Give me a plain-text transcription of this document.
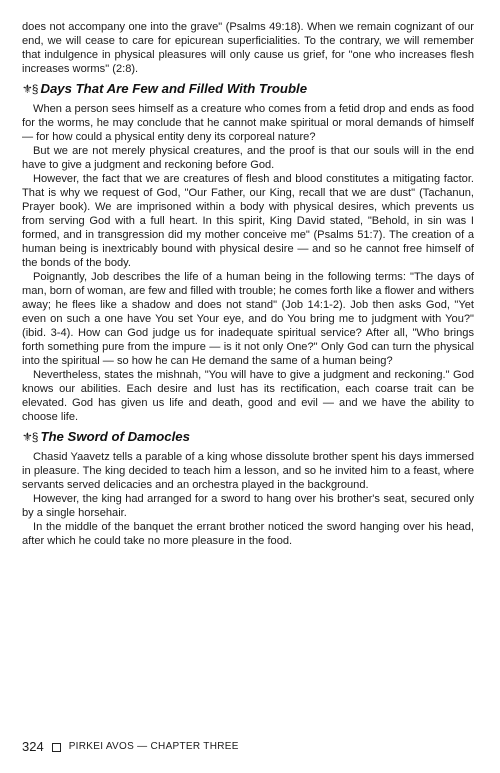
does not accompany one into the grave" (Psalms 49:18). When we remain cognizant of our end, we will cease to care for epicurean superficialities. To the contrary, we will remember that indulgence in physical pleasures will only cause us grief, for "one who increases flesh increases worms" (2:8).

⚜§ Days That Are Few and Filled With Trouble

When a person sees himself as a creature who comes from a fetid drop and ends as food for the worms, he may conclude that he cannot make spiritual or moral demands of himself — for how could a physical entity deny its corporeal nature?

But we are not merely physical creatures, and the proof is that our souls will in the end have to give a judgment and reckoning before God.

However, the fact that we are creatures of flesh and blood constitutes a mitigating factor. That is why we request of God, "Our Father, our King, recall that we are dust" (Tachanun, Prayer book). We are imprisoned within a body with physical desires, which prevents us from serving God with a full heart. In this spirit, King David stated, "Behold, in sin was I formed, and in transgression did my mother conceive me" (Psalms 51:7). The creation of a human being is inextricably bound with physical desire — and so he cannot free himself of the bonds of the body.

Poignantly, Job describes the life of a human being in the following terms: "The days of man, born of woman, are few and filled with trouble; he comes forth like a flower and withers away; he flees like a shadow and does not stand" (Job 14:1-2). Job then asks God, "Yet even on such a one have You set Your eye, and do You bring me to judgment with You?" (ibid. 3-4). How can God judge us for inadequate spiritual service? After all, "Who brings forth something pure from the impure — is it not only One?" Only God can turn the physical into the spiritual — so how he can He demand the same of a human being?

Nevertheless, states the mishnah, "You will have to give a judgment and reckoning." God knows our abilities. Each desire and lust has its rectification, each coarse trait can be elevated. God has given us life and death, good and evil — and we have the ability to choose life.

⚜§ The Sword of Damocles

Chasid Yaavetz tells a parable of a king whose dissolute brother spent his days immersed in pleasure. The king decided to teach him a lesson, and so he invited him to a feast, where servants served delicacies and an orchestra played in the background.

However, the king had arranged for a sword to hang over his brother's seat, secured only by a single horsehair.

In the middle of the banquet the errant brother noticed the sword hanging over his head, after which he could take no more pleasure in the food.

324	PIRKEI AVOS — CHAPTER THREE
